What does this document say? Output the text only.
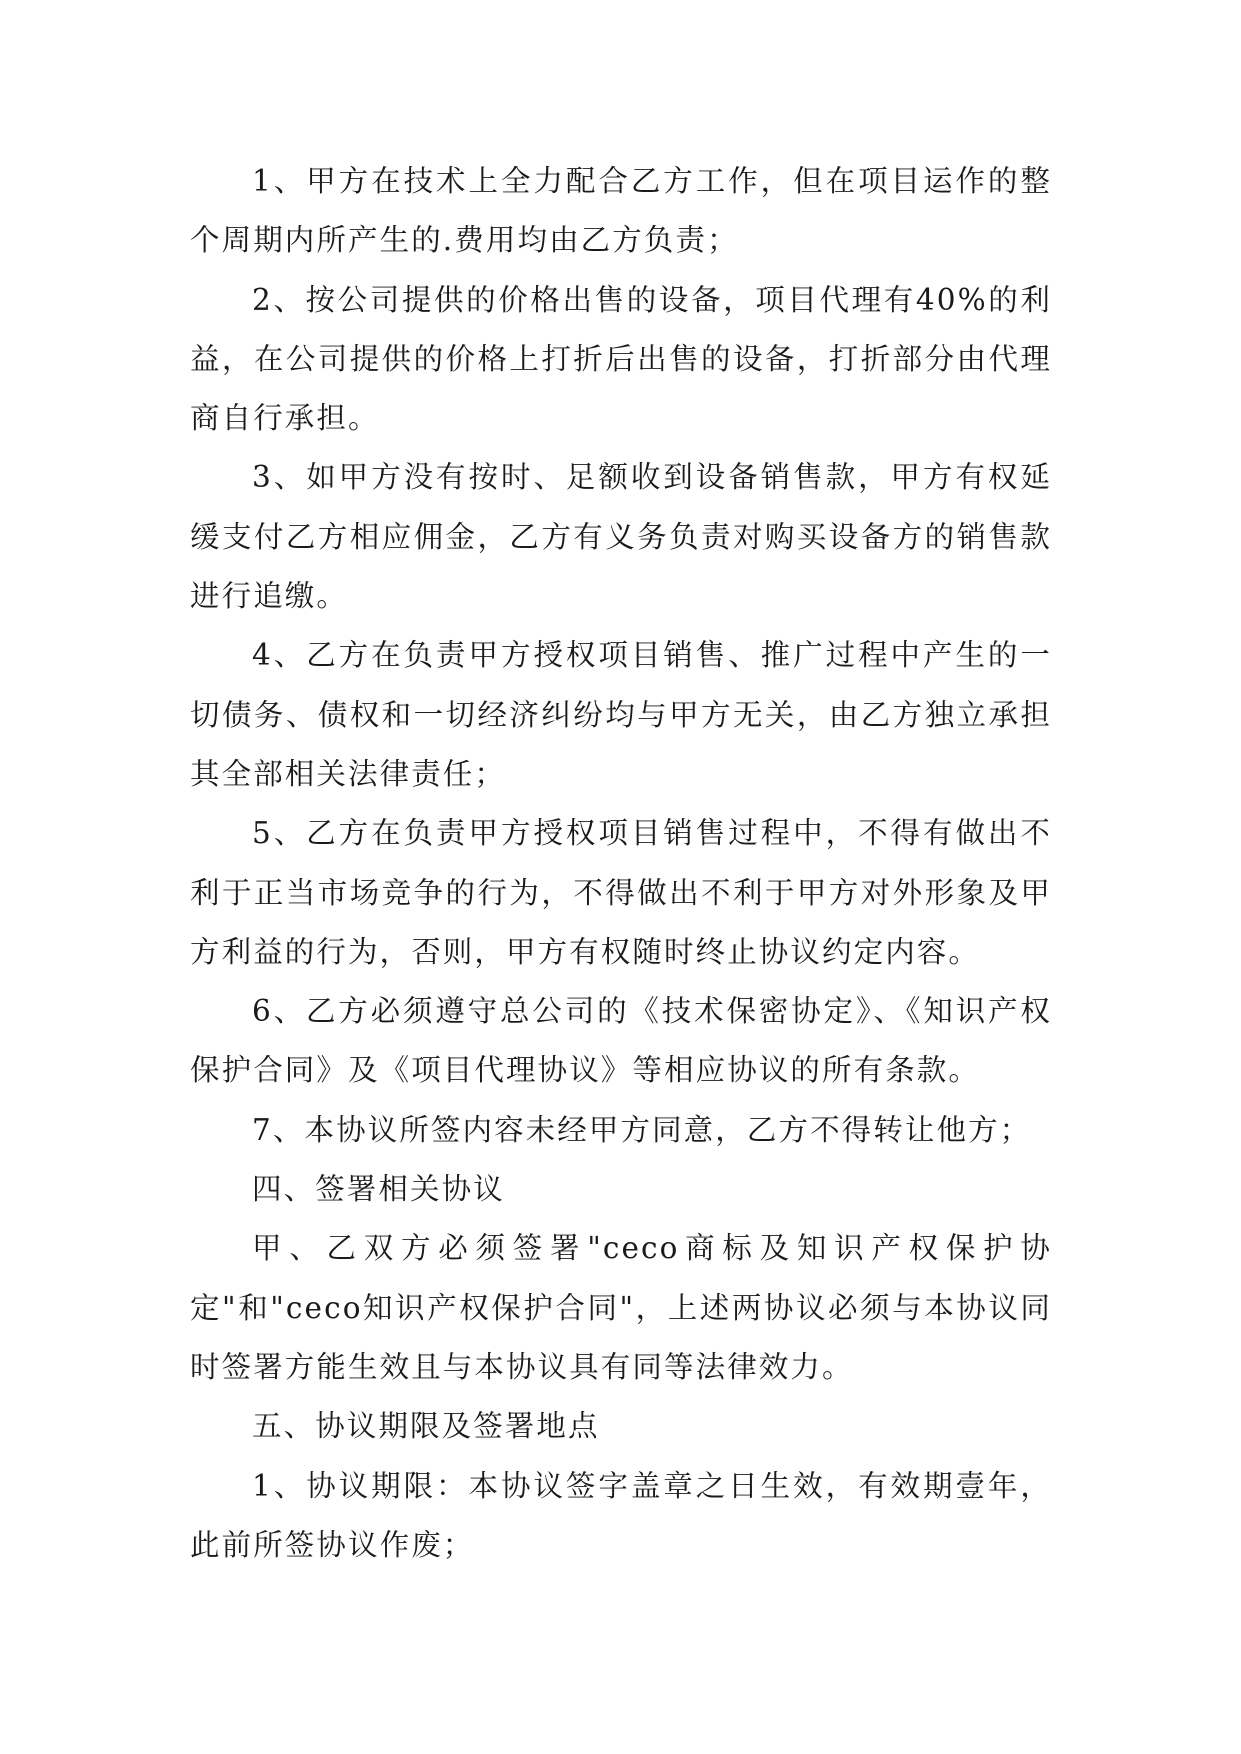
1、甲方在技术上全力配合乙方工作，但在项目运作的整个周期内所产生的.费用均由乙方负责；

2、按公司提供的价格出售的设备，项目代理有40%的利益，在公司提供的价格上打折后出售的设备，打折部分由代理商自行承担。

3、如甲方没有按时、足额收到设备销售款，甲方有权延缓支付乙方相应佣金，乙方有义务负责对购买设备方的销售款进行追缴。

4、乙方在负责甲方授权项目销售、推广过程中产生的一切债务、债权和一切经济纠纷均与甲方无关，由乙方独立承担其全部相关法律责任；

5、乙方在负责甲方授权项目销售过程中，不得有做出不利于正当市场竞争的行为，不得做出不利于甲方对外形象及甲方利益的行为，否则，甲方有权随时终止协议约定内容。

6、乙方必须遵守总公司的《技术保密协定》、《知识产权保护合同》及《项目代理协议》等相应协议的所有条款。

7、本协议所签内容未经甲方同意，乙方不得转让他方；

四、签署相关协议

甲、乙双方必须签署"ceco商标及知识产权保护协定"和"ceco知识产权保护合同"，上述两协议必须与本协议同时签署方能生效且与本协议具有同等法律效力。

五、协议期限及签署地点

1、协议期限：本协议签字盖章之日生效，有效期壹年，此前所签协议作废；
